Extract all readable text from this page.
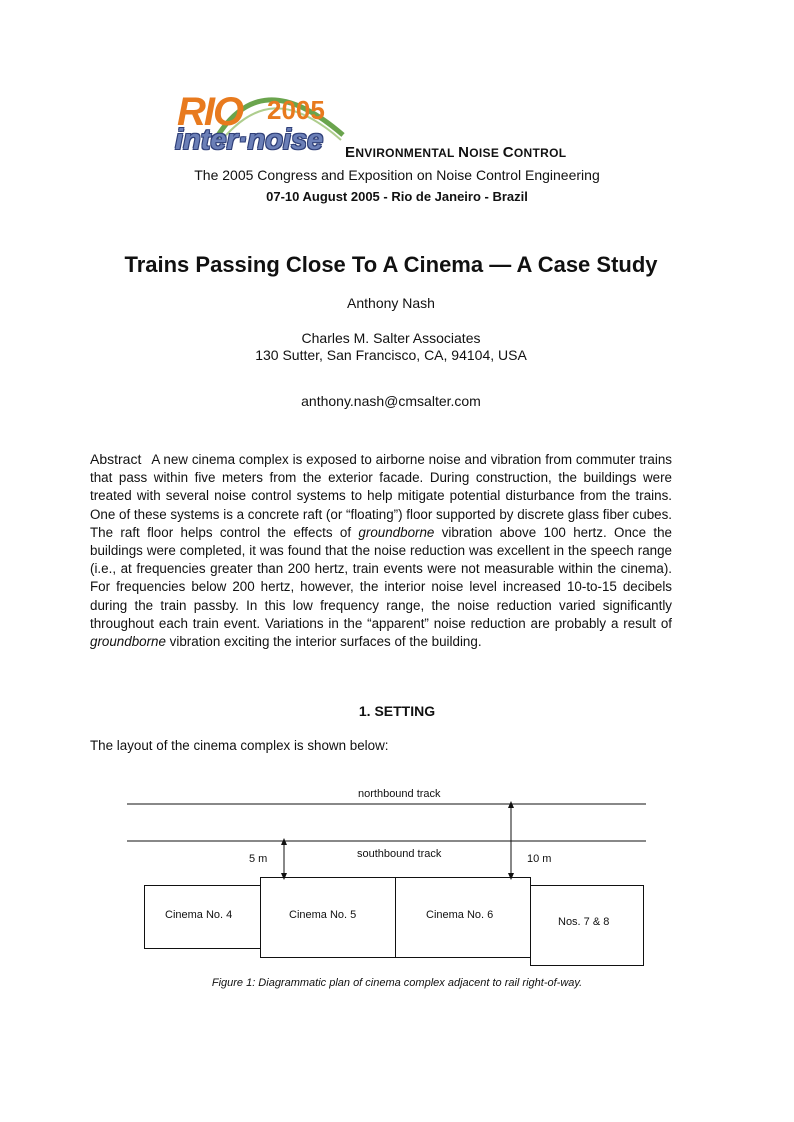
RIO 2005
inter·noise ENVIRONMENTAL NOISE CONTROL
The 2005 Congress and Exposition on Noise Control Engineering
07-10 August 2005 - Rio de Janeiro - Brazil
Trains Passing Close To A Cinema — A Case Study
Anthony Nash
Charles M. Salter Associates
130 Sutter, San Francisco, CA, 94104, USA
anthony.nash@cmsalter.com
Abstract A new cinema complex is exposed to airborne noise and vibration from commuter trains that pass within five meters from the exterior facade. During construction, the buildings were treated with several noise control systems to help mitigate potential disturbance from the trains. One of these systems is a concrete raft (or “floating”) floor supported by discrete glass fiber cubes. The raft floor helps control the effects of groundborne vibration above 100 hertz. Once the buildings were completed, it was found that the noise reduction was excellent in the speech range (i.e., at frequencies greater than 200 hertz, train events were not measurable within the cinema). For frequencies below 200 hertz, however, the interior noise level increased 10-to-15 decibels during the train passby. In this low frequency range, the noise reduction varied significantly throughout each train event. Variations in the “apparent” noise reduction are probably a result of groundborne vibration exciting the interior surfaces of the building.
1. SETTING
The layout of the cinema complex is shown below:
northbound track
southbound track
5 m	10 m
Cinema No. 4	Cinema No. 5	Cinema No. 6
Nos. 7 & 8
Figure 1: Diagrammatic plan of cinema complex adjacent to rail right-of-way.
